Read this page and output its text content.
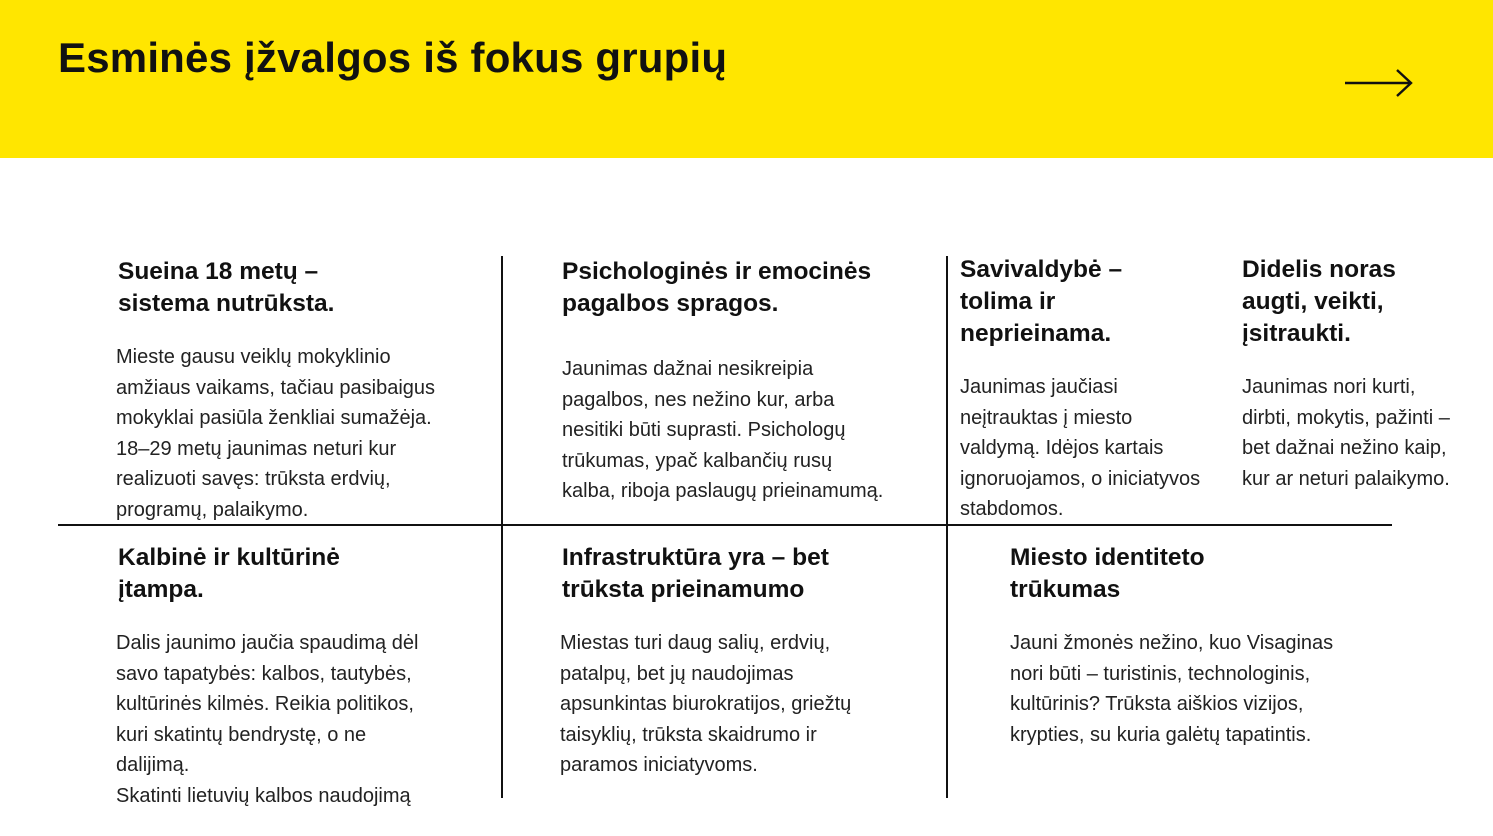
Esminės įžvalgos iš fokus grupių
Sueina 18 metų –
sistema nutrūksta.

Mieste gausu veiklų mokyklinio
amžiaus vaikams, tačiau pasibaigus
mokyklai pasiūla ženkliai sumažėja.
18–29 metų jaunimas neturi kur
realizuoti savęs: trūksta erdvių,
programų, palaikymo.

Psichologinės ir emocinės
pagalbos spragos.

Jaunimas dažnai nesikreipia
pagalbos, nes nežino kur, arba
nesitiki būti suprasti. Psichologų
trūkumas, ypač kalbančių rusų
kalba, riboja paslaugų prieinamumą.

Savivaldybė –
tolima ir
neprieinama.

Jaunimas jaučiasi
neįtrauktas į miesto
valdymą. Idėjos kartais
ignoruojamos, o iniciatyvos
stabdomos.

Didelis noras
augti, veikti,
įsitraukti.

Jaunimas nori kurti,
dirbti, mokytis, pažinti –
bet dažnai nežino kaip,
kur ar neturi palaikymo.

Kalbinė ir kultūrinė
įtampa.

Dalis jaunimo jaučia spaudimą dėl
savo tapatybės: kalbos, tautybės,
kultūrinės kilmės. Reikia politikos,
kuri skatintų bendrystę, o ne
dalijimą.
Skatinti lietuvių kalbos naudojimą

Infrastruktūra yra – bet
trūksta prieinamumo

Miestas turi daug salių, erdvių,
patalpų, bet jų naudojimas
apsunkintas biurokratijos, griežtų
taisyklių, trūksta skaidrumo ir
paramos iniciatyvoms.

Miesto identiteto
trūkumas

Jauni žmonės nežino, kuo Visaginas
nori būti – turistinis, technologinis,
kultūrinis? Trūksta aiškios vizijos,
krypties, su kuria galėtų tapatintis.
